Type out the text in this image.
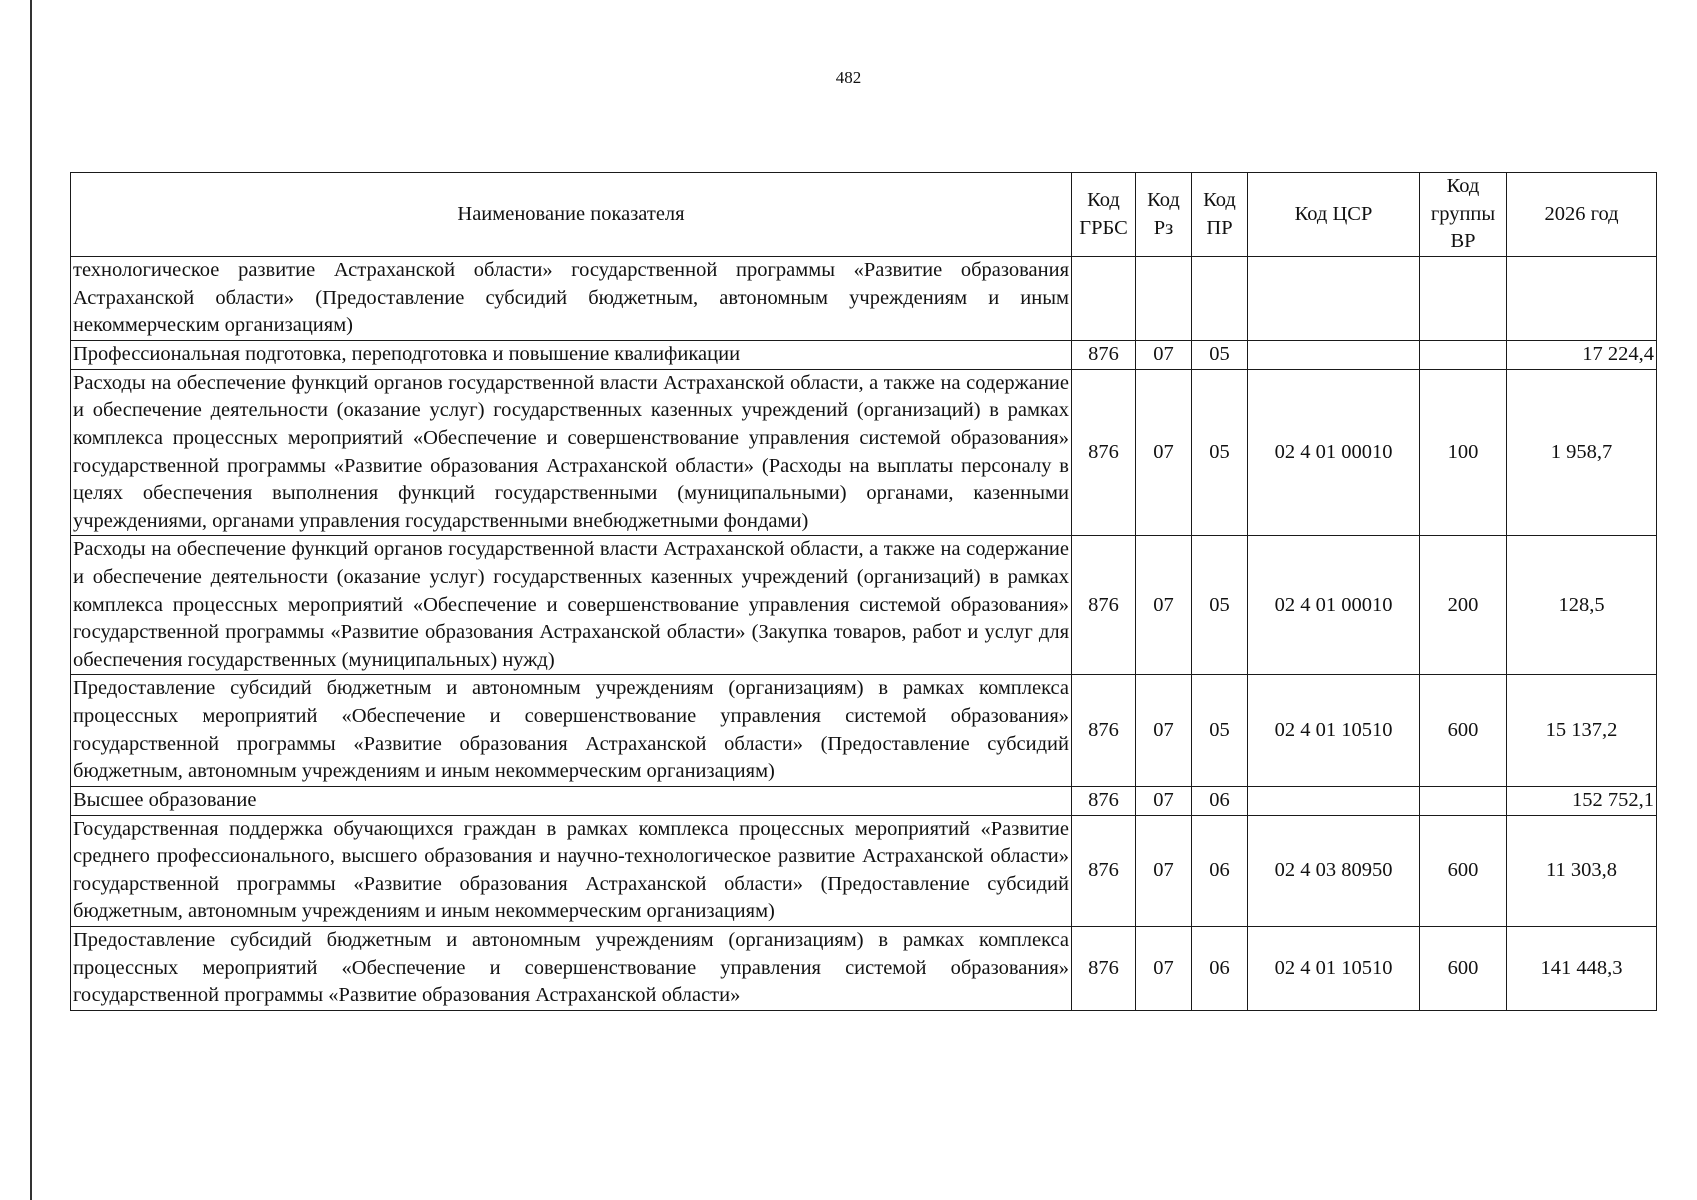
482
Наименование показателя	Код ГРБС	Код Рз	Код ПР	Код ЦСР	Код группы ВР	2026 год
технологическое развитие Астраханской области» государственной программы «Развитие образования Астраханской области» (Предоставление субсидий бюджетным, автономным учреждениям и иным некоммерческим организациям)						
Профессиональная подготовка, переподготовка и повышение квалификации	876	07	05			17 224,4
Расходы на обеспечение функций органов государственной власти Астраханской области, а также на содержание и обеспечение деятельности (оказание услуг) государственных казенных учреждений (организаций) в рамках комплекса процессных мероприятий «Обеспечение и совершенствование управления системой образования» государственной программы «Развитие образования Астраханской области» (Расходы на выплаты персоналу в целях обеспечения выполнения функций государственными (муниципальными) органами, казенными учреждениями, органами управления государственными внебюджетными фондами)	876	07	05	02 4 01 00010	100	1 958,7
Расходы на обеспечение функций органов государственной власти Астраханской области, а также на содержание и обеспечение деятельности (оказание услуг) государственных казенных учреждений (организаций) в рамках комплекса процессных мероприятий «Обеспечение и совершенствование управления системой образования» государственной программы «Развитие образования Астраханской области» (Закупка товаров, работ и услуг для обеспечения государственных (муниципальных) нужд)	876	07	05	02 4 01 00010	200	128,5
Предоставление субсидий бюджетным и автономным учреждениям (организациям) в рамках комплекса процессных мероприятий «Обеспечение и совершенствование управления системой образования» государственной программы «Развитие образования Астраханской области» (Предоставление субсидий бюджетным, автономным учреждениям и иным некоммерческим организациям)	876	07	05	02 4 01 10510	600	15 137,2
Высшее образование	876	07	06			152 752,1
Государственная поддержка обучающихся граждан в рамках комплекса процессных мероприятий «Развитие среднего профессионального, высшего образования и научно-технологическое развитие Астраханской области» государственной программы «Развитие образования Астраханской области» (Предоставление субсидий бюджетным, автономным учреждениям и иным некоммерческим организациям)	876	07	06	02 4 03 80950	600	11 303,8
Предоставление субсидий бюджетным и автономным учреждениям (организациям) в рамках комплекса процессных мероприятий «Обеспечение и совершенствование управления системой образования» государственной программы «Развитие образования Астраханской области»	876	07	06	02 4 01 10510	600	141 448,3
